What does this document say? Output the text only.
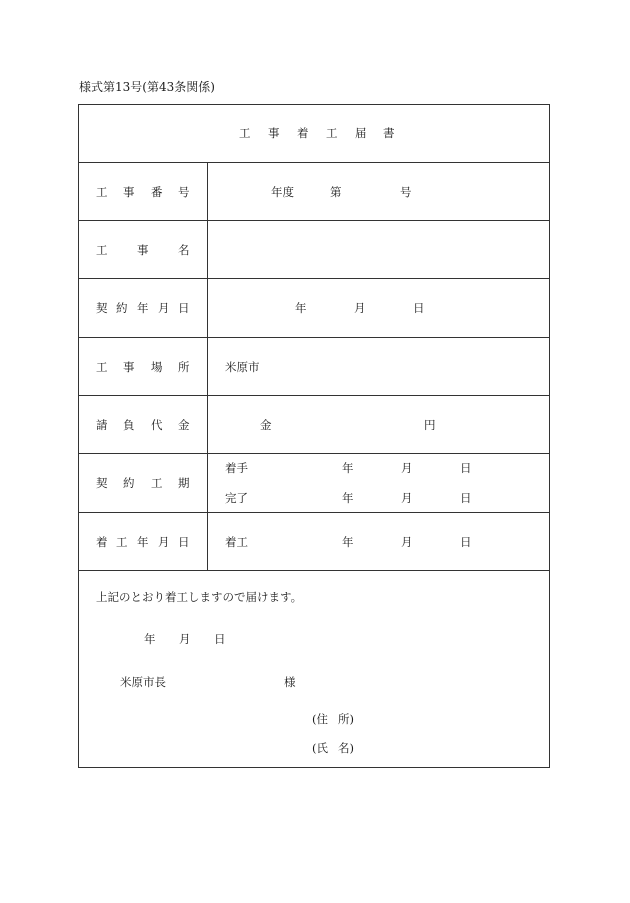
様式第13号(第43条関係)
工 事 着 工 届 書
工 事 番 号	年度	第	号
工	事	名
契 約 年 月 日	年	月	日
工 事 場 所	米原市
請 負 代 金	金	円
契 約 工 期
着手	年	月	日
完了	年	月	日
着 工 年 月 日	着工	年	月	日
上記のとおり着工しますので届けます。
年 月 日
米原市長	様
(住 所)
(氏 名)
